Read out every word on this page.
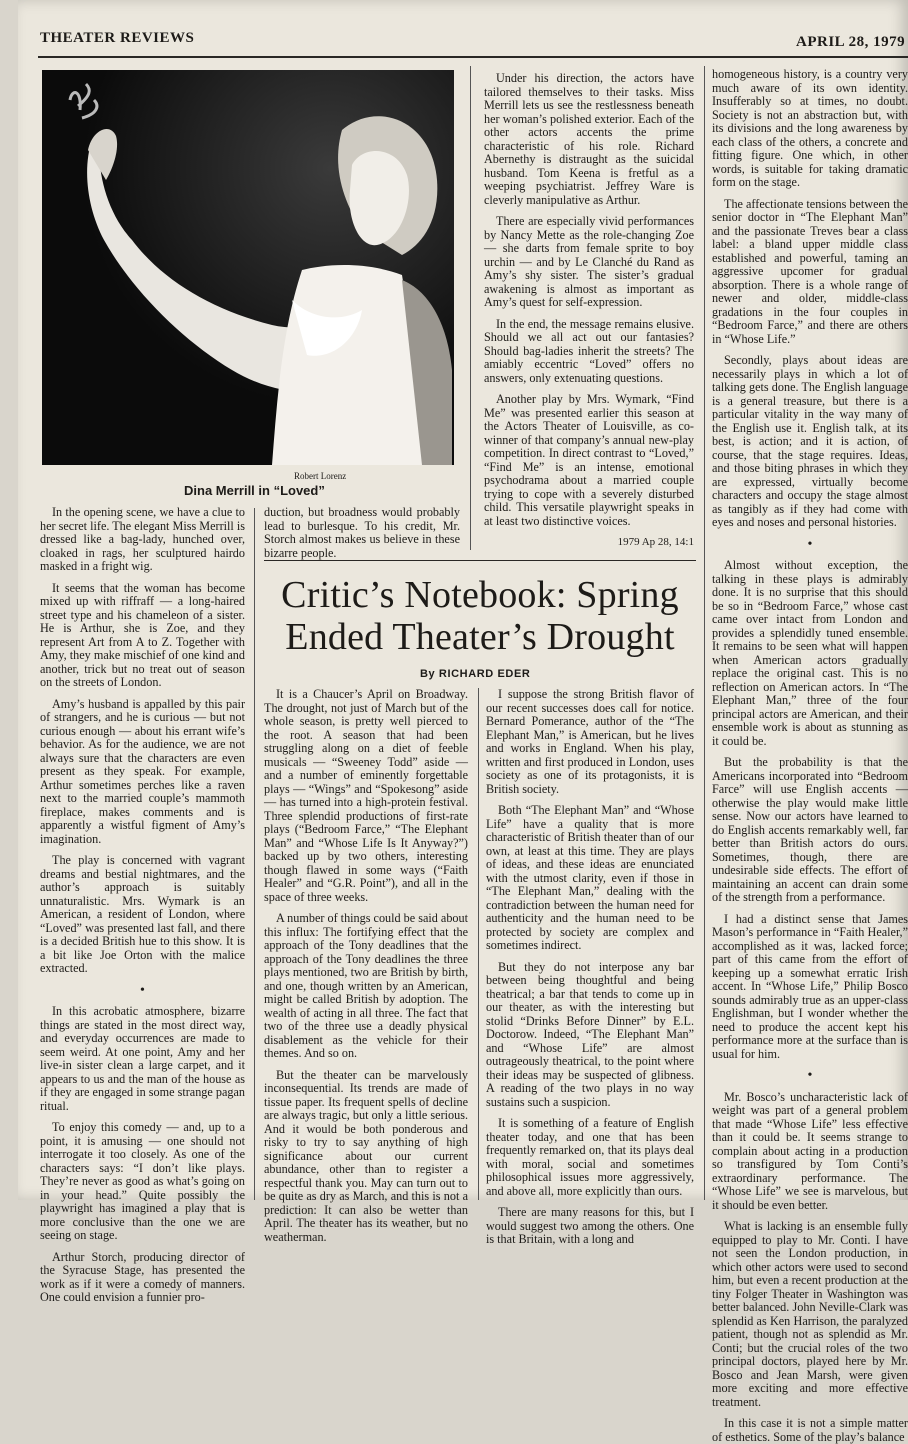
THEATER REVIEWS	APRIL 28, 1979
Robert Lorenz
Dina Merrill in “Loved”

Under his direction, the actors have tailored themselves to their tasks. Miss Merrill lets us see the restlessness beneath her woman’s polished exterior. Each of the other actors accents the prime characteristic of his role. Richard Abernethy is distraught as the suicidal husband. Tom Keena is fretful as a weeping psychiatrist. Jeffrey Ware is cleverly manipulative as Arthur.

There are especially vivid performances by Nancy Mette as the role-changing Zoe — she darts from female sprite to boy urchin — and by Le Clanché du Rand as Amy’s shy sister. The sister’s gradual awakening is almost as important as Amy’s quest for self-expression.

In the end, the message remains elusive. Should we all act out our fantasies? Should bag-ladies inherit the streets? The amiably eccentric “Loved” offers no answers, only extenuating questions.

Another play by Mrs. Wymark, “Find Me” was presented earlier this season at the Actors Theater of Louisville, as co-winner of that company’s annual new-play competition. In direct contrast to “Loved,” “Find Me” is an intense, emotional psychodrama about a married couple trying to cope with a severely disturbed child. This versatile playwright speaks in at least two distinctive voices.

1979 Ap 28, 14:1

In the opening scene, we have a clue to her secret life. The elegant Miss Merrill is dressed like a bag-lady, hunched over, cloaked in rags, her sculptured hairdo masked in a fright wig.

It seems that the woman has become mixed up with riffraff — a long-haired street type and his chameleon of a sister. He is Arthur, she is Zoe, and they represent Art from A to Z. Together with Amy, they make mischief of one kind and another, trick but no treat out of season on the streets of London.

Amy’s husband is appalled by this pair of strangers, and he is curious — but not curious enough — about his errant wife’s behavior. As for the audience, we are not always sure that the characters are even present as they speak. For example, Arthur sometimes perches like a raven next to the married couple’s mammoth fireplace, makes comments and is apparently a wistful figment of Amy’s imagination.

The play is concerned with vagrant dreams and bestial nightmares, and the author’s approach is suitably unnaturalistic. Mrs. Wymark is an American, a resident of London, where “Loved” was presented last fall, and there is a decided British hue to this show. It is a bit like Joe Orton with the malice extracted.

•

In this acrobatic atmosphere, bizarre things are stated in the most direct way, and everyday occurrences are made to seem weird. At one point, Amy and her live-in sister clean a large carpet, and it appears to us and the man of the house as if they are engaged in some strange pagan ritual.

To enjoy this comedy — and, up to a point, it is amusing — one should not interrogate it too closely. As one of the characters says: “I don’t like plays. They’re never as good as what’s going on in your head.” Quite possibly the playwright has imagined a play that is more conclusive than the one we are seeing on stage.

Arthur Storch, producing director of the Syracuse Stage, has presented the work as if it were a comedy of manners. One could envision a funnier pro-

duction, but broadness would probably lead to burlesque. To his credit, Mr. Storch almost makes us believe in these bizarre people.

Critic’s Notebook: Spring Ended Theater’s Drought
By RICHARD EDER

It is a Chaucer’s April on Broadway. The drought, not just of March but of the whole season, is pretty well pierced to the root. A season that had been struggling along on a diet of feeble musicals — “Sweeney Todd” aside — and a number of eminently forgettable plays — “Wings” and “Spokesong” aside — has turned into a high-protein festival. Three splendid productions of first-rate plays (“Bedroom Farce,” “The Elephant Man” and “Whose Life Is It Anyway?”) backed up by two others, interesting though flawed in some ways (“Faith Healer” and “G.R. Point”), and all in the space of three weeks.

A number of things could be said about this influx: The fortifying effect that the approach of the Tony deadlines that the approach of the Tony deadlines the three plays mentioned, two are British by birth, and one, though written by an American, might be called British by adoption. The wealth of acting in all three. The fact that two of the three use a deadly physical disablement as the vehicle for their themes. And so on.

But the theater can be marvelously inconsequential. Its trends are made of tissue paper. Its frequent spells of decline are always tragic, but only a little serious. And it would be both ponderous and risky to try to say anything of high significance about our current abundance, other than to register a respectful thank you. May can turn out to be quite as dry as March, and this is not a prediction: It can also be wetter than April. The theater has its weather, but no weatherman.

I suppose the strong British flavor of our recent successes does call for notice. Bernard Pomerance, author of the “The Elephant Man,” is American, but he lives and works in England. When his play, written and first produced in London, uses society as one of its protagonists, it is British society.

Both “The Elephant Man” and “Whose Life” have a quality that is more characteristic of British theater than of our own, at least at this time. They are plays of ideas, and these ideas are enunciated with the utmost clarity, even if those in “The Elephant Man,” dealing with the contradiction between the human need for authenticity and the human need to be protected by society are complex and sometimes indirect.

But they do not interpose any bar between being thoughtful and being theatrical; a bar that tends to come up in our theater, as with the interesting but stolid “Drinks Before Dinner” by E.L. Doctorow. Indeed, “The Elephant Man” and “Whose Life” are almost outrageously theatrical, to the point where their ideas may be suspected of glibness. A reading of the two plays in no way sustains such a suspicion.

It is something of a feature of English theater today, and one that has been frequently remarked on, that its plays deal with moral, social and sometimes philosophical issues more aggressively, and above all, more explicitly than ours.

There are many reasons for this, but I would suggest two among the others. One is that Britain, with a long and

homogeneous history, is a country very much aware of its own identity. Insufferably so at times, no doubt. Society is not an abstraction but, with its divisions and the long awareness by each class of the others, a concrete and fitting figure. One which, in other words, is suitable for taking dramatic form on the stage.

The affectionate tensions between the senior doctor in “The Elephant Man” and the passionate Treves bear a class label: a bland upper middle class established and powerful, taming an aggressive upcomer for gradual absorption. There is a whole range of newer and older, middle-class gradations in the four couples in “Bedroom Farce,” and there are others in “Whose Life.”

Secondly, plays about ideas are necessarily plays in which a lot of talking gets done. The English language is a general treasure, but there is a particular vitality in the way many of the English use it. English talk, at its best, is action; and it is action, of course, that the stage requires. Ideas, and those biting phrases in which they are expressed, virtually become characters and occupy the stage almost as tangibly as if they had come with eyes and noses and personal histories.

•

Almost without exception, the talking in these plays is admirably done. It is no surprise that this should be so in “Bedroom Farce,” whose cast came over intact from London and provides a splendidly tuned ensemble. It remains to be seen what will happen when American actors gradually replace the original cast. This is no reflection on American actors. In “The Elephant Man,” three of the four principal actors are American, and their ensemble work is about as stunning as it could be.

But the probability is that the Americans incorporated into “Bedroom Farce” will use English accents — otherwise the play would make little sense. Now our actors have learned to do English accents remarkably well, far better than British actors do ours. Sometimes, though, there are undesirable side effects. The effort of maintaining an accent can drain some of the strength from a performance.

I had a distinct sense that James Mason’s performance in “Faith Healer,” accomplished as it was, lacked force; part of this came from the effort of keeping up a somewhat erratic Irish accent. In “Whose Life,” Philip Bosco sounds admirably true as an upper-class Englishman, but I wonder whether the need to produce the accent kept his performance more at the surface than is usual for him.

•

Mr. Bosco’s uncharacteristic lack of weight was part of a general problem that made “Whose Life” less effective than it could be. It seems strange to complain about acting in a production so transfigured by Tom Conti’s extraordinary performance. The “Whose Life” we see is marvelous, but it should be even better.

What is lacking is an ensemble fully equipped to play to Mr. Conti. I have not seen the London production, in which other actors were used to second him, but even a recent production at the tiny Folger Theater in Washington was better balanced. John Neville-Clark was splendid as Ken Harrison, the paralyzed patient, though not as splendid as Mr. Conti; but the crucial roles of the two principal doctors, played here by Mr. Bosco and Jean Marsh, were given more exciting and more effective treatment.

In this case it is not a simple matter of esthetics. Some of the play’s balance
